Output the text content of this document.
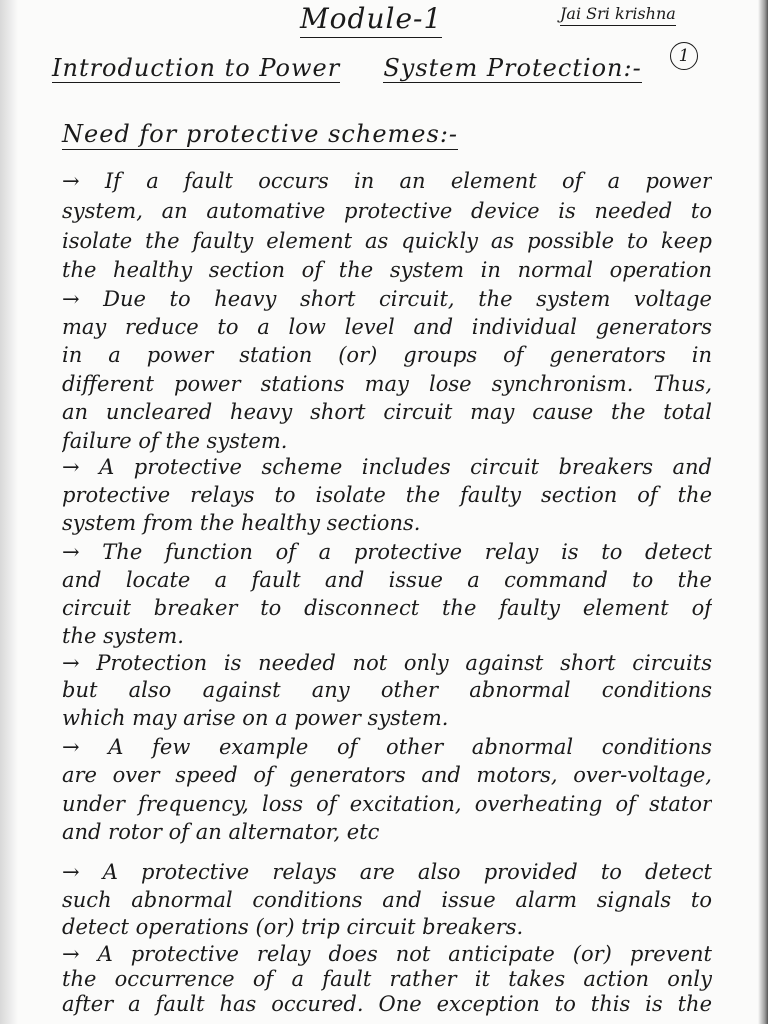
Module-1	Jai Sri krishna
1
Introduction to Power System Protection:-
Need for protective schemes:-
→ If a fault occurs in an element of a power
system, an automative protective device is needed to
isolate the faulty element as quickly as possible to keep
the healthy section of the system in normal operation
→ Due to heavy short circuit, the system voltage
may reduce to a low level and individual generators
in a power station (or) groups of generators in
different power stations may lose synchronism. Thus,
an uncleared heavy short circuit may cause the total
failure of the system.
→ A protective scheme includes circuit breakers and
protective relays to isolate the faulty section of the
system from the healthy sections.
→ The function of a protective relay is to detect
and locate a fault and issue a command to the
circuit breaker to disconnect the faulty element of
the system.
→ Protection is needed not only against short circuits
but also against any other abnormal conditions
which may arise on a power system.
→ A few example of other abnormal conditions
are over speed of generators and motors, over-voltage,
under frequency, loss of excitation, overheating of stator
and rotor of an alternator, etc
→ A protective relays are also provided to detect
such abnormal conditions and issue alarm signals to
detect operations (or) trip circuit breakers.
→ A protective relay does not anticipate (or) prevent
the occurrence of a fault rather it takes action only
after a fault has occured. One exception to this is the
